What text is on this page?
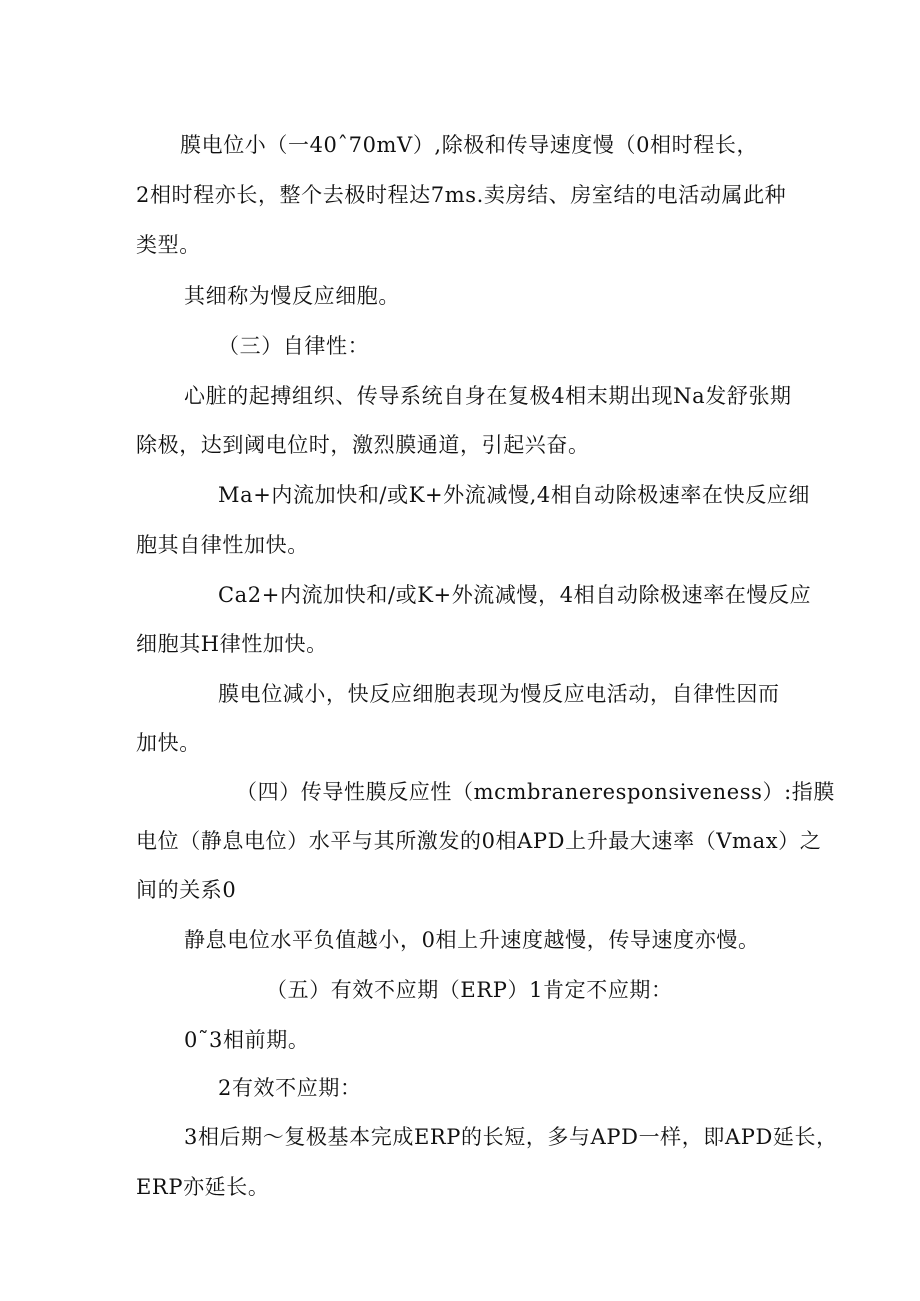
膜电位小（一40ˆ70mV）,除极和传导速度慢（0相时程长，
2相时程亦长，整个去极时程达7ms.卖房结、房室结的电活动属此种
类型。
其细称为慢反应细胞。
（三）自律性：
心脏的起搏组织、传导系统自身在复极4相末期出现Na发舒张期
除极，达到阈电位时，激烈膜通道，引起兴奋。
Ma+内流加快和/或K+外流减慢,4相自动除极速率在快反应细
胞其自律性加快。
Ca2+内流加快和/或K+外流减慢，4相自动除极速率在慢反应
细胞其H律性加快。
膜电位减小，快反应细胞表现为慢反应电活动，自律性因而
加快。
（四）传导性膜反应性（mcmbraneresponsiveness）:指膜
电位（静息电位）水平与其所激发的0相APD上升最大速率（Vmax）之
间的关系0
静息电位水平负值越小，0相上升速度越慢，传导速度亦慢。
（五）有效不应期（ERP）1肯定不应期：
0˜3相前期。
2有效不应期：
3相后期～复极基本完成ERP的长短，多与APD一样，即APD延长，
ERP亦延长。
